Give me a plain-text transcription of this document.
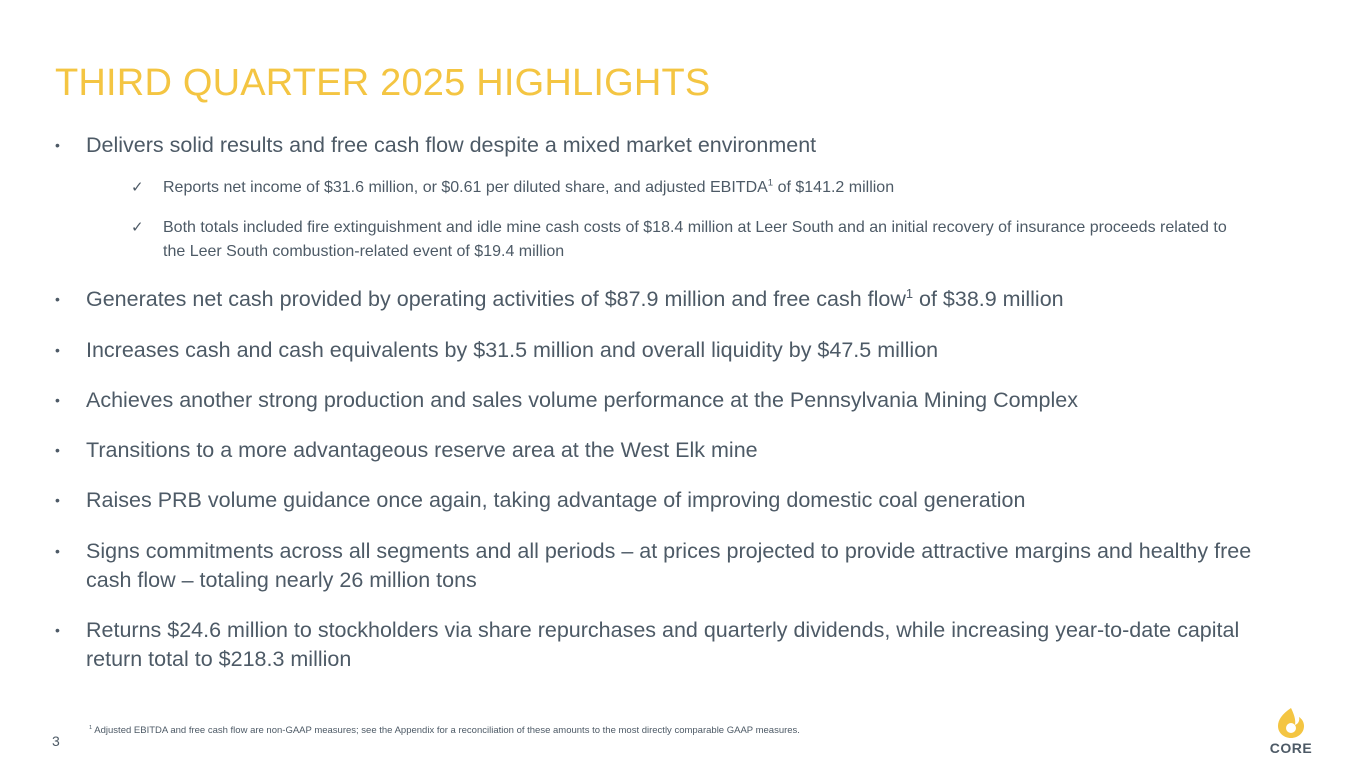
THIRD QUARTER 2025 HIGHLIGHTS
• Delivers solid results and free cash flow despite a mixed market environment
✓ Reports net income of $31.6 million, or $0.61 per diluted share, and adjusted EBITDA$^1$ of $141.2 million
✓ Both totals included fire extinguishment and idle mine cash costs of $18.4 million at Leer South and an initial recovery of insurance proceeds related to the Leer South combustion-related event of $19.4 million
• Generates net cash provided by operating activities of $87.9 million and free cash flow$^1$ of $38.9 million
• Increases cash and cash equivalents by $31.5 million and overall liquidity by $47.5 million
• Achieves another strong production and sales volume performance at the Pennsylvania Mining Complex
• Transitions to a more advantageous reserve area at the West Elk mine
• Raises PRB volume guidance once again, taking advantage of improving domestic coal generation
• Signs commitments across all segments and all periods – at prices projected to provide attractive margins and healthy free cash flow – totaling nearly 26 million tons
• Returns $24.6 million to stockholders via share repurchases and quarterly dividends, while increasing year-to-date capital return total to $218.3 million
$^1$ Adjusted EBITDA and free cash flow are non-GAAP measures; see the Appendix for a reconciliation of these amounts to the most directly comparable GAAP measures.
3	CORE
